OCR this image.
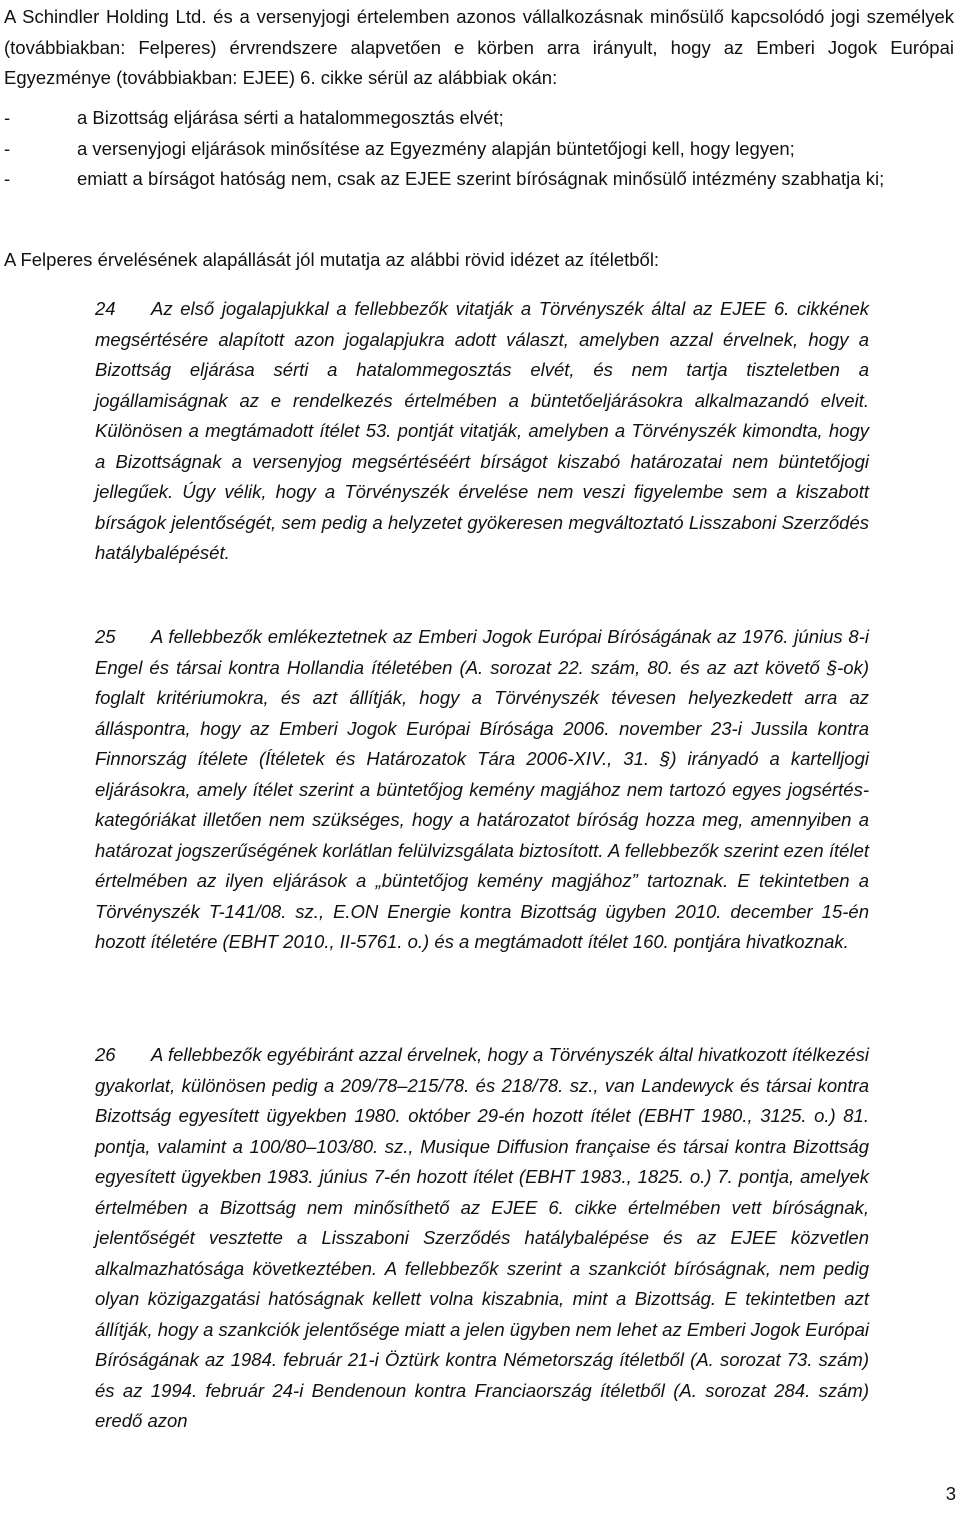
A Schindler Holding Ltd. és a versenyjogi értelemben azonos vállalkozásnak minősülő kapcsolódó jogi személyek (továbbiakban: Felperes) érvrendszere alapvetően e körben arra irányult, hogy az Emberi Jogok Európai Egyezménye (továbbiakban: EJEE) 6. cikke sérül az alábbiak okán:

-	a Bizottság eljárása sérti a hatalommegosztás elvét;
-	a versenyjogi eljárások minősítése az Egyezmény alapján büntetőjogi kell, hogy legyen;
-	emiatt a bírságot hatóság nem, csak az EJEE szerint bíróságnak minősülő intézmény szabhatja ki;

A Felperes érvelésének alapállását jól mutatja az alábbi rövid idézet az ítéletből:

24 Az első jogalapjukkal a fellebbezők vitatják a Törvényszék által az EJEE 6. cikkének megsértésére alapított azon jogalapjukra adott választ, amelyben azzal érvelnek, hogy a Bizottság eljárása sérti a hatalommegosztás elvét, és nem tartja tiszteletben a jogállamiságnak az e rendelkezés értelmében a büntetőeljárásokra alkalmazandó elveit. Különösen a megtámadott ítélet 53. pontját vitatják, amelyben a Törvényszék kimondta, hogy a Bizottságnak a versenyjog megsértéséért bírságot kiszabó határozatai nem büntetőjogi jellegűek. Úgy vélik, hogy a Törvényszék érvelése nem veszi figyelembe sem a kiszabott bírságok jelentőségét, sem pedig a helyzetet gyökeresen megváltoztató Lisszaboni Szerződés hatálybalépését.

25 A fellebbezők emlékeztetnek az Emberi Jogok Európai Bíróságának az 1976. június 8-i Engel és társai kontra Hollandia ítéletében (A. sorozat 22. szám, 80. és az azt követő §-ok) foglalt kritériumokra, és azt állítják, hogy a Törvényszék tévesen helyezkedett arra az álláspontra, hogy az Emberi Jogok Európai Bírósága 2006. november 23-i Jussila kontra Finnország ítélete (Ítéletek és Határozatok Tára 2006-XIV., 31. §) irányadó a kartelljogi eljárásokra, amely ítélet szerint a büntetőjog kemény magjához nem tartozó egyes jogsértés-kategóriákat illetően nem szükséges, hogy a határozatot bíróság hozza meg, amennyiben a határozat jogszerűségének korlátlan felülvizsgálata biztosított. A fellebbezők szerint ezen ítélet értelmében az ilyen eljárások a „büntetőjog kemény magjához” tartoznak. E tekintetben a Törvényszék T-141/08. sz., E.ON Energie kontra Bizottság ügyben 2010. december 15-én hozott ítéletére (EBHT 2010., II-5761. o.) és a megtámadott ítélet 160. pontjára hivatkoznak.

26 A fellebbezők egyébiránt azzal érvelnek, hogy a Törvényszék által hivatkozott ítélkezési gyakorlat, különösen pedig a 209/78–215/78. és 218/78. sz., van Landewyck és társai kontra Bizottság egyesített ügyekben 1980. október 29-én hozott ítélet (EBHT 1980., 3125. o.) 81. pontja, valamint a 100/80–103/80. sz., Musique Diffusion française és társai kontra Bizottság egyesített ügyekben 1983. június 7-én hozott ítélet (EBHT 1983., 1825. o.) 7. pontja, amelyek értelmében a Bizottság nem minősíthető az EJEE 6. cikke értelmében vett bíróságnak, jelentőségét vesztette a Lisszaboni Szerződés hatálybalépése és az EJEE közvetlen alkalmazhatósága következtében. A fellebbezők szerint a szankciót bíróságnak, nem pedig olyan közigazgatási hatóságnak kellett volna kiszabnia, mint a Bizottság. E tekintetben azt állítják, hogy a szankciók jelentősége miatt a jelen ügyben nem lehet az Emberi Jogok Európai Bíróságának az 1984. február 21-i Öztürk kontra Németország ítéletből (A. sorozat 73. szám) és az 1994. február 24-i Bendenoun kontra Franciaország ítéletből (A. sorozat 284. szám) eredő azon

3
